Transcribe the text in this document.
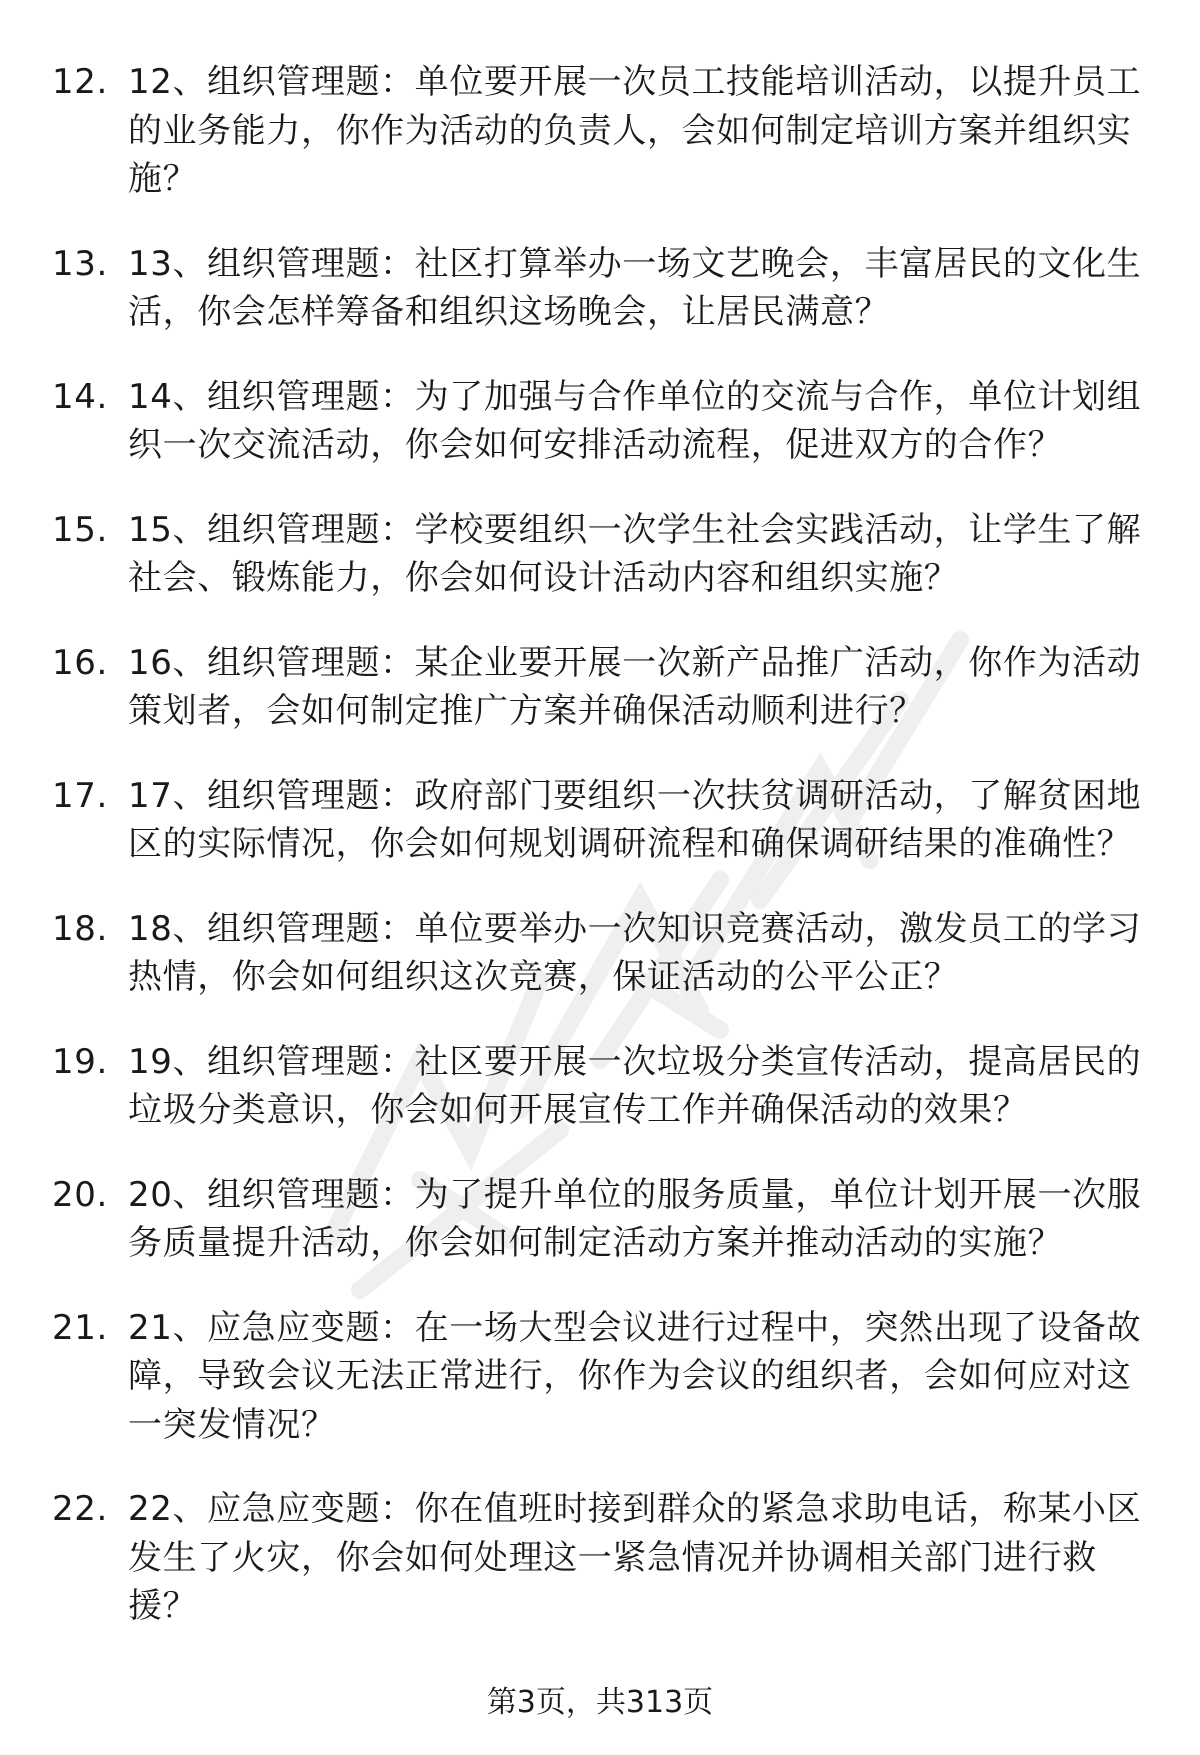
12. 12、组织管理题：单位要开展一次员工技能培训活动，以提升员工的业务能力，你作为活动的负责人，会如何制定培训方案并组织实施？
13. 13、组织管理题：社区打算举办一场文艺晚会，丰富居民的文化生活，你会怎样筹备和组织这场晚会，让居民满意？
14. 14、组织管理题：为了加强与合作单位的交流与合作，单位计划组织一次交流活动，你会如何安排活动流程，促进双方的合作？
15. 15、组织管理题：学校要组织一次学生社会实践活动，让学生了解社会、锻炼能力，你会如何设计活动内容和组织实施？
16. 16、组织管理题：某企业要开展一次新产品推广活动，你作为活动策划者，会如何制定推广方案并确保活动顺利进行？
17. 17、组织管理题：政府部门要组织一次扶贫调研活动，了解贫困地区的实际情况，你会如何规划调研流程和确保调研结果的准确性？
18. 18、组织管理题：单位要举办一次知识竞赛活动，激发员工的学习热情，你会如何组织这次竞赛，保证活动的公平公正？
19. 19、组织管理题：社区要开展一次垃圾分类宣传活动，提高居民的垃圾分类意识，你会如何开展宣传工作并确保活动的效果？
20. 20、组织管理题：为了提升单位的服务质量，单位计划开展一次服务质量提升活动，你会如何制定活动方案并推动活动的实施？
21. 21、应急应变题：在一场大型会议进行过程中，突然出现了设备故障，导致会议无法正常进行，你作为会议的组织者，会如何应对这一突发情况？
22. 22、应急应变题：你在值班时接到群众的紧急求助电话，称某小区发生了火灾，你会如何处理这一紧急情况并协调相关部门进行救援？
第3页，共313页
